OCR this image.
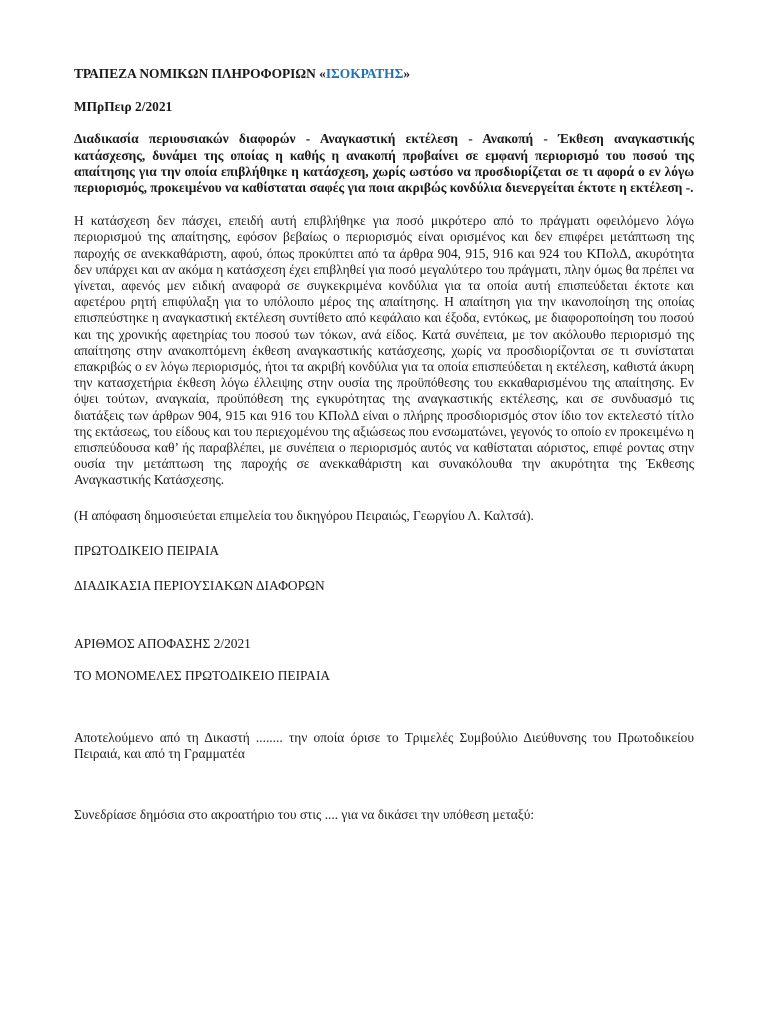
ΤΡΑΠΕΖΑ ΝΟΜΙΚΩΝ ΠΛΗΡΟΦΟΡΙΩΝ «ΙΣΟΚΡΑΤΗΣ»

ΜΠρΠειρ 2/2021

Διαδικασία περιουσιακών διαφορών - Αναγκαστική εκτέλεση - Ανακοπή - Έκθεση αναγκαστικής κατάσχεσης, δυνάμει της οποίας η καθής η ανακοπή προβαίνει σε εμφανή περιορισμό του ποσού της απαίτησης για την οποία επιβλήθηκε η κατάσχεση, χωρίς ωστόσο να προσδιορίζεται σε τι αφορά ο εν λόγω περιορισμός, προκειμένου να καθίσταται σαφές για ποια ακριβώς κονδύλια διενεργείται έκτοτε η εκτέλεση -.

Η κατάσχεση δεν πάσχει, επειδή αυτή επιβλήθηκε για ποσό μικρότερο από το πράγματι οφειλόμενο λόγω περιορισμού της απαίτησης, εφόσον βεβαίως ο περιορισμός είναι ορισμένος και δεν επιφέρει μετάπτωση της παροχής σε ανεκκαθάριστη, αφού, όπως προκύπτει από τα άρθρα 904, 915, 916 και 924 του ΚΠολΔ, ακυρότητα δεν υπάρχει και αν ακόμα η κατάσχεση έχει επιβληθεί για ποσό μεγαλύτερο του πράγματι, πλην όμως θα πρέπει να γίνεται, αφενός μεν ειδική αναφορά σε συγκεκριμένα κονδύλια για τα οποία αυτή επισπεύδεται έκτοτε και αφετέρου ρητή επιφύλαξη για το υπόλοιπο μέρος της απαίτησης. Η απαίτηση για την ικανοποίηση της οποίας επισπεύστηκε η αναγκαστική εκτέλεση συντίθετο από κεφάλαιο και έξοδα, εντόκως, με διαφοροποίηση του ποσού και της χρονικής αφετηρίας του ποσού των τόκων, ανά είδος. Κατά συνέπεια, με τον ακόλουθο περιορισμό της απαίτησης στην ανακοπτόμενη έκθεση αναγκαστικής κατάσχεσης, χωρίς να προσδιορίζονται σε τι συνίσταται επακριβώς ο εν λόγω περιορισμός, ήτοι τα ακριβή κονδύλια για τα οποία επισπεύδεται η εκτέλεση, καθιστά άκυρη την κατασχετήρια έκθεση λόγω έλλειψης στην ουσία της προϋπόθεσης του εκκαθαρισμένου της απαίτησης. Εν όψει τούτων, αναγκαία, προϋπόθεση της εγκυρότητας της αναγκαστικής εκτέλεσης, και σε συνδυασμό τις διατάξεις των άρθρων 904, 915 και 916 του ΚΠολΔ είναι ο πλήρης προσδιορισμός στον ίδιο τον εκτελεστό τίτλο της εκτάσεως, του είδους και του περιεχομένου της αξιώσεως που ενσωματώνει, γεγονός το οποίο εν προκειμένω η επισπεύδουσα καθ’ ής παραβλέπει, με συνέπεια ο περιορισμός αυτός να καθίσταται αόριστος, επιφέ ροντας στην ουσία την μετάπτωση της παροχής σε ανεκκαθάριστη και συνακόλουθα την ακυρότητα της Έκθεσης Αναγκαστικής Κατάσχεσης.

(Η απόφαση δημοσιεύεται επιμελεία του δικηγόρου Πειραιώς, Γεωργίου Λ. Καλτσά).

ΠΡΩΤΟΔΙΚΕΙΟ ΠΕΙΡΑΙΑ

ΔΙΑΔΙΚΑΣΙΑ ΠΕΡΙΟΥΣΙΑΚΩΝ ΔΙΑΦΟΡΩΝ

ΑΡΙΘΜΟΣ ΑΠΟΦΑΣΗΣ 2/2021

ΤΟ ΜΟΝΟΜΕΛΕΣ ΠΡΩΤΟΔΙΚΕΙΟ ΠΕΙΡΑΙΑ

Αποτελούμενο από τη Δικαστή ........ την οποία όρισε το Τριμελές Συμβούλιο Διεύθυνσης του Πρωτοδικείου Πειραιά, και από τη Γραμματέα

Συνεδρίασε δημόσια στο ακροατήριο του στις .... για να δικάσει την υπόθεση μεταξύ:
